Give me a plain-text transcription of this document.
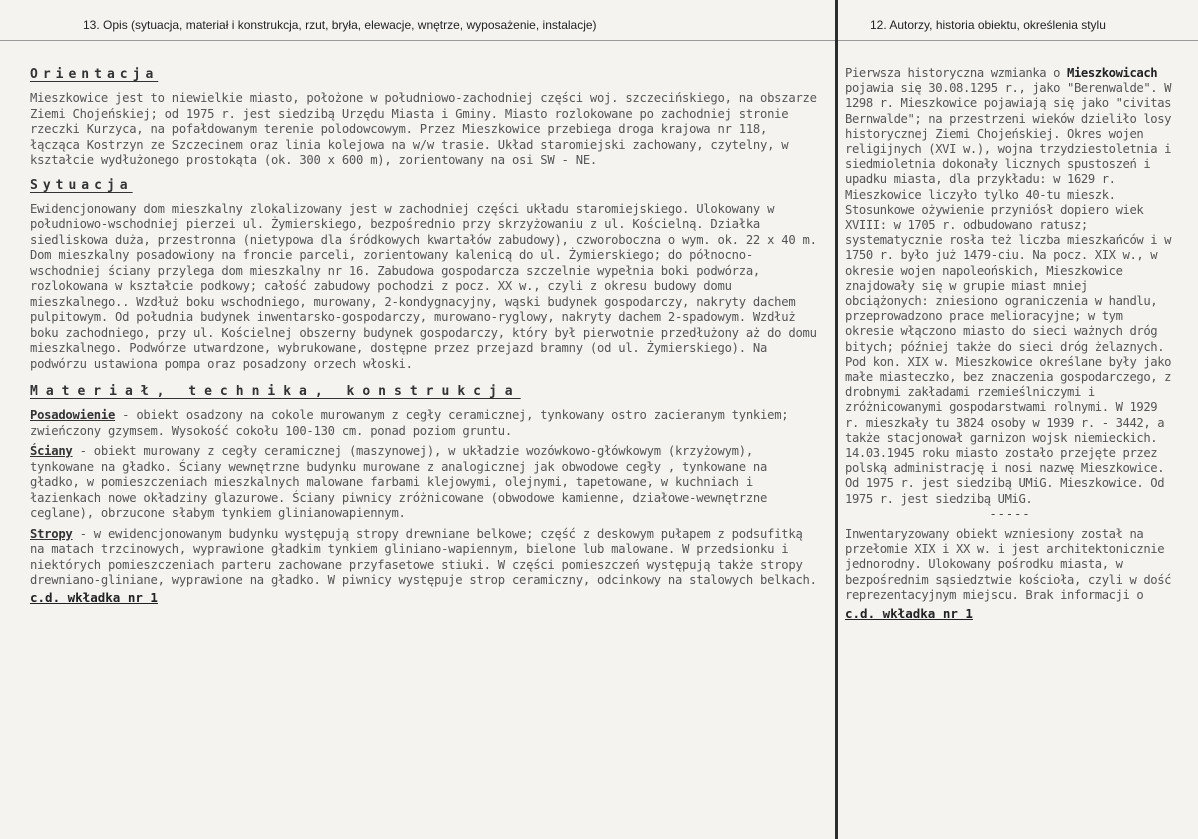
13. Opis (sytuacja, materiał i konstrukcja, rzut, bryła, elewacje, wnętrze, wyposażenie, instalacje)	12. Autorzy, historia obiektu, określenia stylu

Orientacja

Mieszkowice jest to niewielkie miasto, położone w południowo-zachodniej części woj. szczecińskiego, na obszarze Ziemi Chojeńskiej; od 1975 r. jest siedzibą Urzędu Miasta i Gminy. Miasto rozlokowane po zachodniej stronie rzeczki Kurzyca, na pofałdowanym terenie polodowcowym. Przez Mieszkowice przebiega droga krajowa nr 118, łącząca Kostrzyn ze Szczecinem oraz linia kolejowa na w/w trasie. Układ staromiejski zachowany, czytelny, w kształcie wydłużonego prostokąta (ok. 300 x 600 m), zorientowany na osi SW - NE.

Sytuacja

Ewidencjonowany dom mieszkalny zlokalizowany jest w zachodniej części układu staromiejskiego. Ulokowany w południowo-wschodniej pierzei ul. Żymierskiego, bezpośrednio przy skrzyżowaniu z ul. Kościelną. Działka siedliskowa duża, przestronna (nietypowa dla śródkowych kwartałów zabudowy), czworoboczna o wym. ok. 22 x 40 m. Dom mieszkalny posadowiony na froncie parceli, zorientowany kalenicą do ul. Żymierskiego; do północno-wschodniej ściany przylega dom mieszkalny nr 16. Zabudowa gospodarcza szczelnie wypełnia boki podwórza, rozlokowana w kształcie podkowy; całość zabudowy pochodzi z pocz. XX w., czyli z okresu budowy domu mieszkalnego.. Wzdłuż boku wschodniego, murowany, 2-kondygnacyjny, wąski budynek gospodarczy, nakryty dachem pulpitowym. Od południa budynek inwentarsko-gospodarczy, murowano-ryglowy, nakryty dachem 2-spadowym. Wzdłuż boku zachodniego, przy ul. Kościelnej obszerny budynek gospodarczy, który był pierwotnie przedłużony aż do domu mieszkalnego. Podwórze utwardzone, wybrukowane, dostępne przez przejazd bramny (od ul. Żymierskiego). Na podwórzu ustawiona pompa oraz posadzony orzech włoski.

Materiał, technika, konstrukcja

Posadowienie - obiekt osadzony na cokole murowanym z cegły ceramicznej, tynkowany ostro zacieranym tynkiem; zwieńczony gzymsem. Wysokość cokołu 100-130 cm. ponad poziom gruntu.

Ściany - obiekt murowany z cegły ceramicznej (maszynowej), w układzie wozówkowo-główkowym (krzyżowym), tynkowane na gładko. Ściany wewnętrzne budynku murowane z analogicznej jak obwodowe cegły , tynkowane na gładko, w pomieszczeniach mieszkalnych malowane farbami klejowymi, olejnymi, tapetowane, w kuchniach i łazienkach nowe okładziny glazurowe. Ściany piwnicy zróżnicowane (obwodowe kamienne, działowe-wewnętrzne ceglane), obrzucone słabym tynkiem glinianowapiennym.

Stropy - w ewidencjonowanym budynku występują stropy drewniane belkowe; część z deskowym pułapem z podsufitką na matach trzcinowych, wyprawione gładkim tynkiem gliniano-wapiennym, bielone lub malowane. W przedsionku i niektórych pomieszczeniach parteru zachowane przyfasetowe stiuki. W części pomieszczeń występują także stropy drewniano-gliniane, wyprawione na gładko. W piwnicy występuje strop ceramiczny, odcinkowy na stalowych belkach.

c.d. wkładka nr 1

Pierwsza historyczna wzmianka o Mieszkowicach pojawia się 30.08.1295 r., jako "Berenwalde". W 1298 r. Mieszkowice pojawiają się jako "civitas Bernwalde"; na przestrzeni wieków dzieliło losy historycznej Ziemi Chojeńskiej. Okres wojen religijnych (XVI w.), wojna trzydziestoletnia i siedmioletnia dokonały licznych spustoszeń i upadku miasta, dla przykładu: w 1629 r. Mieszkowice liczyło tylko 40-tu mieszk. Stosunkowe ożywienie przyniósł dopiero wiek XVIII: w 1705 r. odbudowano ratusz; systematycznie rosła też liczba mieszkańców i w 1750 r. było już 1479-ciu. Na pocz. XIX w., w okresie wojen napoleońskich, Mieszkowice znajdowały się w grupie miast mniej obciążonych: zniesiono ograniczenia w handlu, przeprowadzono prace melioracyjne; w tym okresie włączono miasto do sieci ważnych dróg bitych; później także do sieci dróg żelaznych. Pod kon. XIX w. Mieszkowice określane były jako małe miasteczko, bez znaczenia gospodarczego, z drobnymi zakładami rzemieślniczymi i zróżnicowanymi gospodarstwami rolnymi. W 1929 r. mieszkały tu 3824 osoby w 1939 r. - 3442, a także stacjonował garnizon wojsk niemieckich. 14.03.1945 roku miasto zostało przejęte przez polską administrację i nosi nazwę Mieszkowice. Od 1975 r. jest siedzibą UMiG. Mieszkowice. Od 1975 r. jest siedzibą UMiG.

-----

Inwentaryzowany obiekt wzniesiony został na przełomie XIX i XX w. i jest architektonicznie jednorodny. Ulokowany pośrodku miasta, w bezpośrednim sąsiedztwie kościoła, czyli w dość reprezentacyjnym miejscu. Brak informacji o

c.d. wkładka nr 1
